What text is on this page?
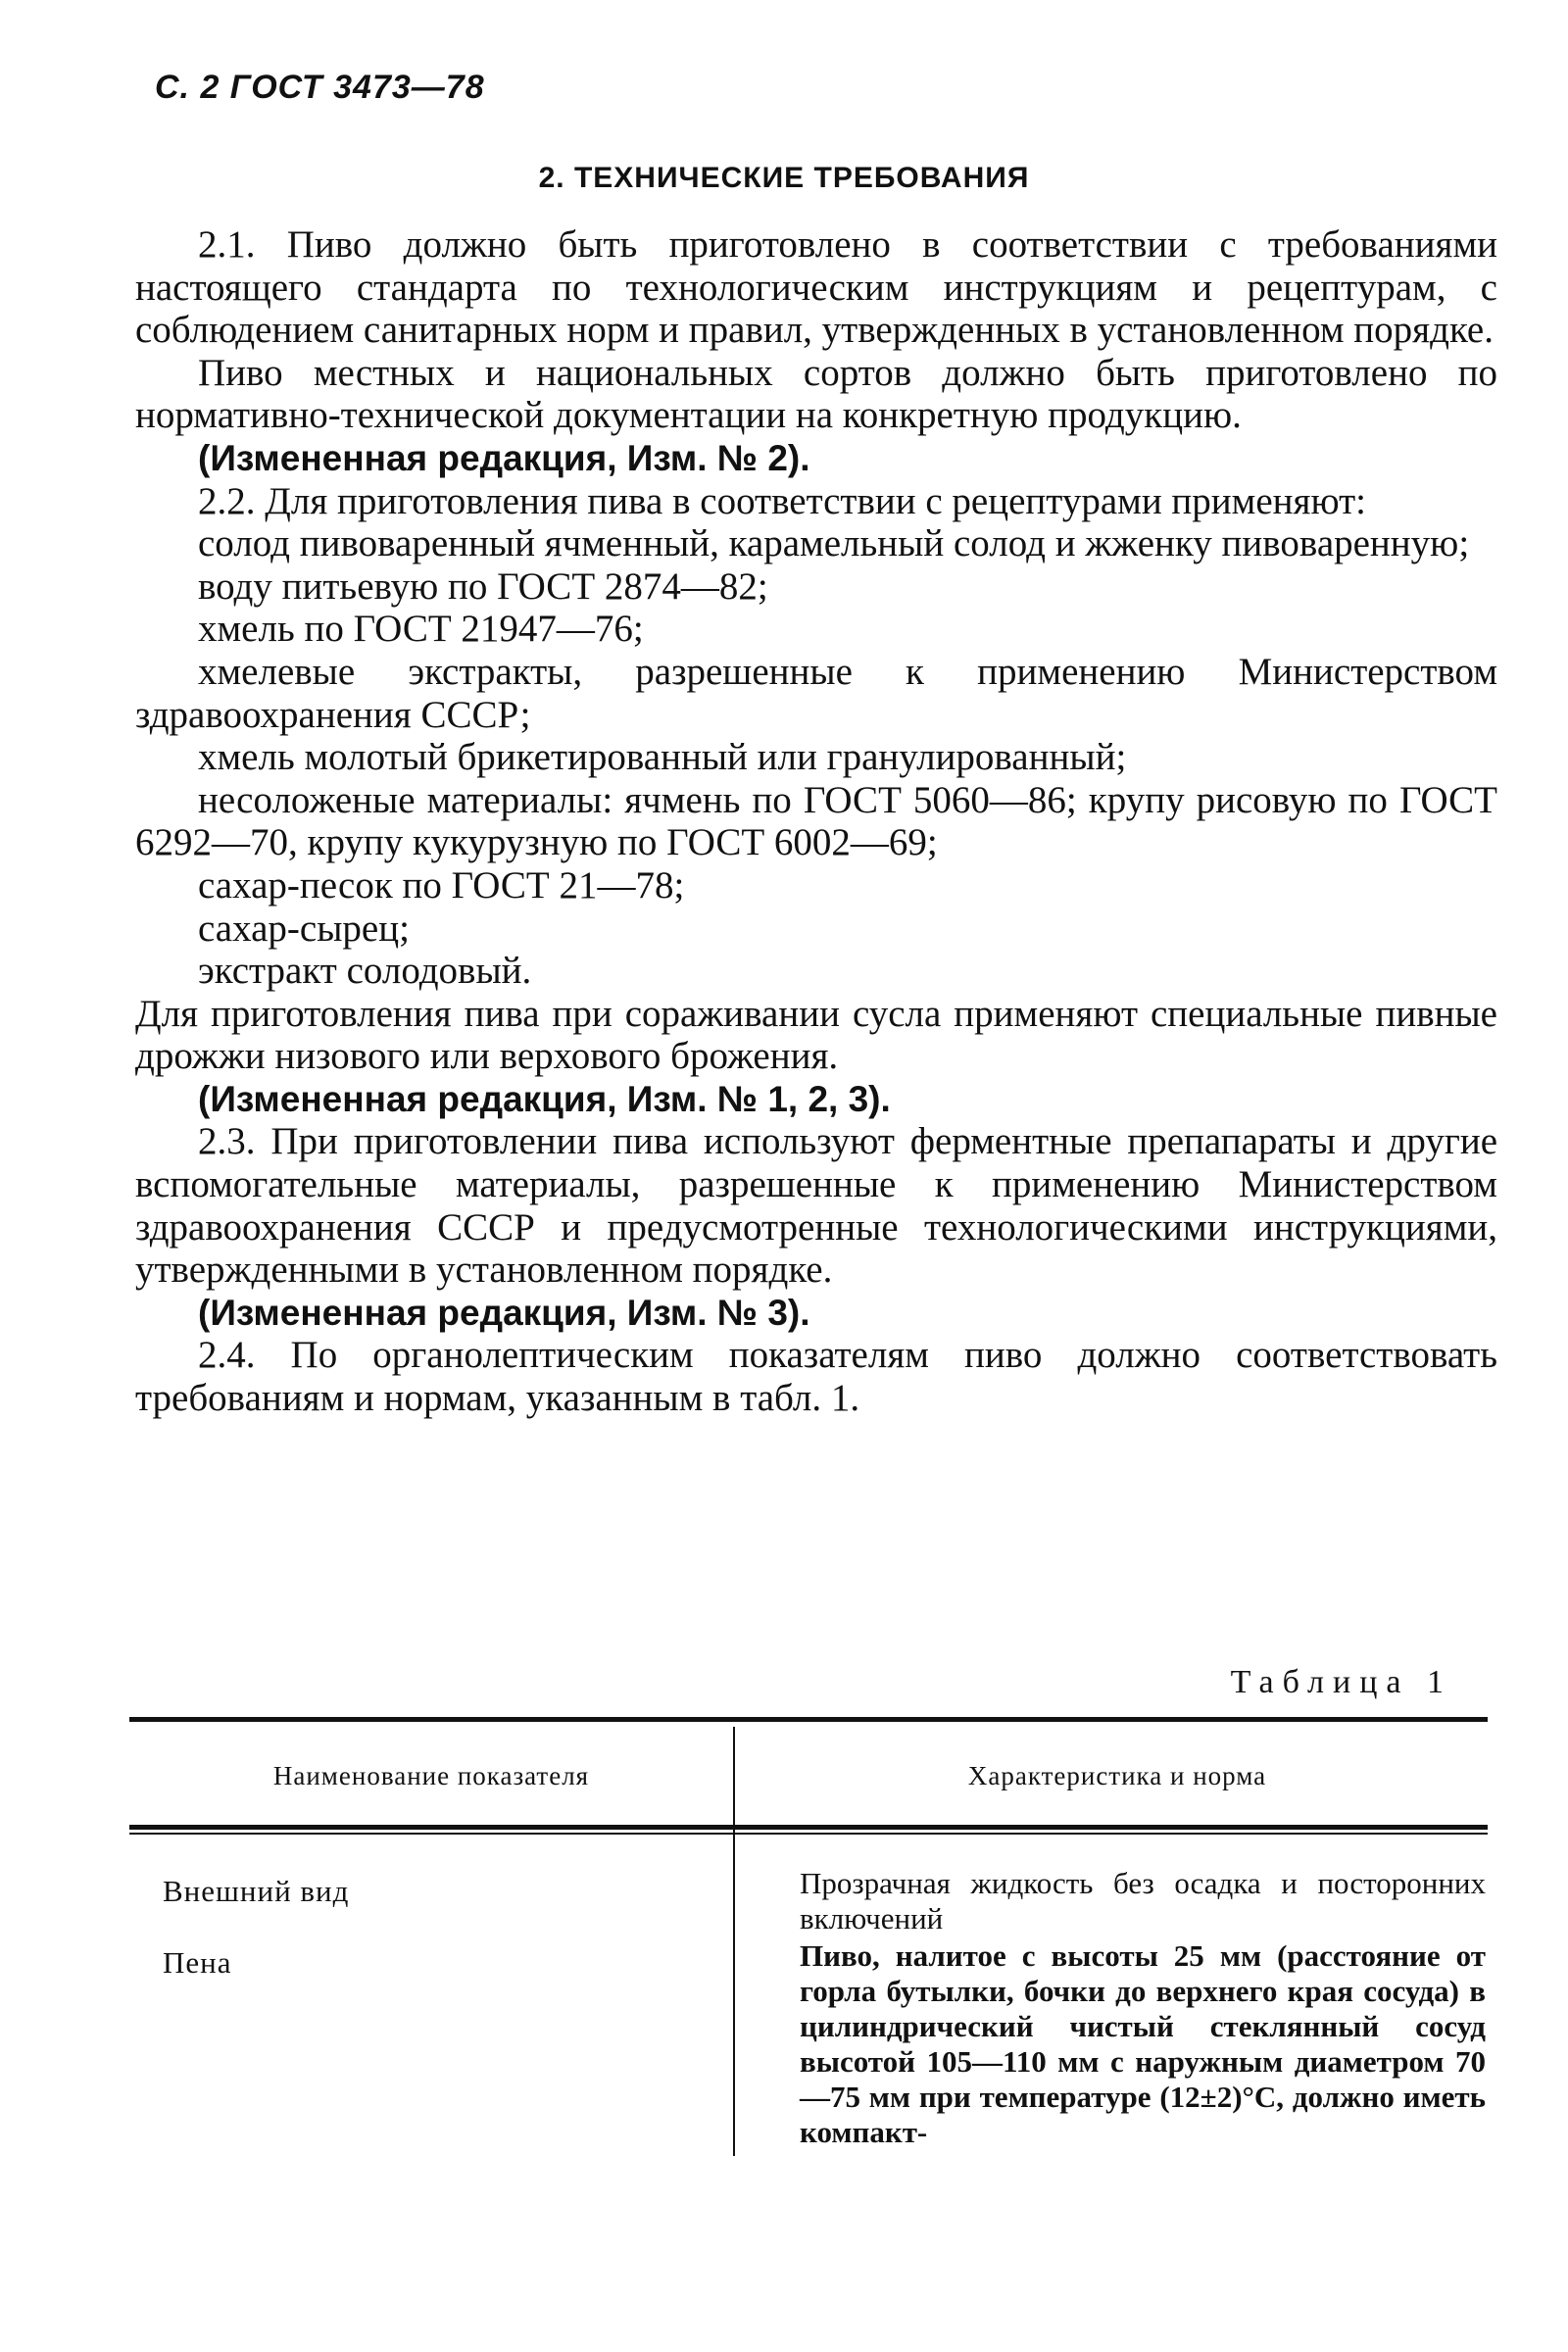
С. 2 ГОСТ 3473—78
2. ТЕХНИЧЕСКИЕ ТРЕБОВАНИЯ

2.1. Пиво должно быть приготовлено в соответствии с требованиями настоящего стандарта по технологическим инструкциям и рецептурам, с соблюдением санитарных норм и правил, утвержденных в установленном порядке.

Пиво местных и национальных сортов должно быть приготовлено по нормативно-технической документации на конкретную продукцию.

(Измененная редакция, Изм. № 2).

2.2. Для приготовления пива в соответствии с рецептурами применяют:

солод пивоваренный ячменный, карамельный солод и жженку пивоваренную;

воду питьевую по ГОСТ 2874—82;

хмель по ГОСТ 21947—76;

хмелевые экстракты, разрешенные к применению Министерством здравоохранения СССР;

хмель молотый брикетированный или гранулированный;

несоложеные материалы: ячмень по ГОСТ 5060—86; крупу рисовую по ГОСТ 6292—70, крупу кукурузную по ГОСТ 6002—69;

сахар-песок по ГОСТ 21—78;

сахар-сырец;

экстракт солодовый.

Для приготовления пива при сораживании сусла применяют специальные пивные дрожжи низового или верхового брожения.

(Измененная редакция, Изм. № 1, 2, 3).

2.3. При приготовлении пива используют ферментные препапараты и другие вспомогательные материалы, разрешенные к применению Министерством здравоохранения СССР и предусмотренные технологическими инструкциями, утвержденными в установленном порядке.

(Измененная редакция, Изм. № 3).

2.4. По органолептическим показателям пиво должно соответствовать требованиям и нормам, указанным в табл. 1.

Таблица 1
Наименование показателя	Характеристика и норма
Внешний вид	Прозрачная жидкость без осадка и посторонних включений
Пена	Пиво, налитое с высоты 25 мм (расстояние от горла бутылки, бочки до верхнего края сосуда) в цилиндрический чистый стеклянный сосуд высотой 105—110 мм с наружным диаметром 70—75 мм при температуре (12±2)°С, должно иметь компакт-
